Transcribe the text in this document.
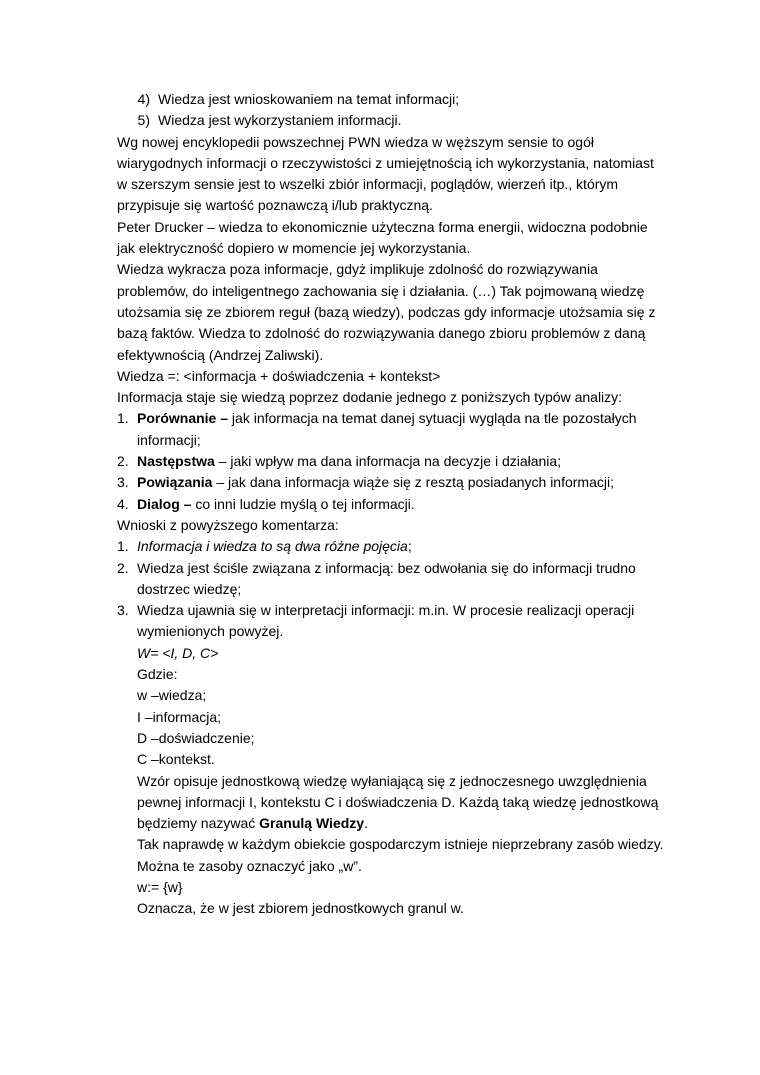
4) Wiedza jest wnioskowaniem na temat informacji;
5) Wiedza jest wykorzystaniem informacji.
Wg nowej encyklopedii powszechnej PWN wiedza w węższym sensie to ogół
wiarygodnych informacji o rzeczywistości z umiejętnością ich wykorzystania, natomiast
w szerszym sensie jest to wszelki zbiór informacji, poglądów, wierzeń itp., którym
przypisuje się wartość poznawczą i/lub praktyczną.
Peter Drucker – wiedza to ekonomicznie użyteczna forma energii, widoczna podobnie
jak elektryczność dopiero w momencie jej wykorzystania.
Wiedza wykracza poza informacje, gdyż implikuje zdolność do rozwiązywania
problemów, do inteligentnego zachowania się i działania. (…) Tak pojmowaną wiedzę
utożsamia się ze zbiorem reguł (bazą wiedzy), podczas gdy informacje utożsamia się z
bazą faktów. Wiedza to zdolność do rozwiązywania danego zbioru problemów z daną
efektywnością (Andrzej Zaliwski).
Wiedza =: <informacja + doświadczenia + kontekst>
Informacja staje się wiedzą poprzez dodanie jednego z poniższych typów analizy:
1. Porównanie – jak informacja na temat danej sytuacji wygląda na tle pozostałych
informacji;
2. Następstwa – jaki wpływ ma dana informacja na decyzje i działania;
3. Powiązania – jak dana informacja wiąże się z resztą posiadanych informacji;
4. Dialog – co inni ludzie myślą o tej informacji.
Wnioski z powyższego komentarza:
1. Informacja i wiedza to są dwa różne pojęcia;
2. Wiedza jest ściśle związana z informacją: bez odwołania się do informacji trudno
dostrzec wiedzę;
3. Wiedza ujawnia się w interpretacji informacji: m.in. W procesie realizacji operacji
wymienionych powyżej.
W= <I, D, C>
Gdzie:
w –wiedza;
I –informacja;
D –doświadczenie;
C –kontekst.
Wzór opisuje jednostkową wiedzę wyłaniającą się z jednoczesnego uwzględnienia
pewnej informacji I, kontekstu C i doświadczenia D. Każdą taką wiedzę jednostkową
będziemy nazywać Granulą Wiedzy.
Tak naprawdę w każdym obiekcie gospodarczym istnieje nieprzebrany zasób wiedzy.
Można te zasoby oznaczyć jako „w”.
w:= {w}
Oznacza, że w jest zbiorem jednostkowych granul w.
